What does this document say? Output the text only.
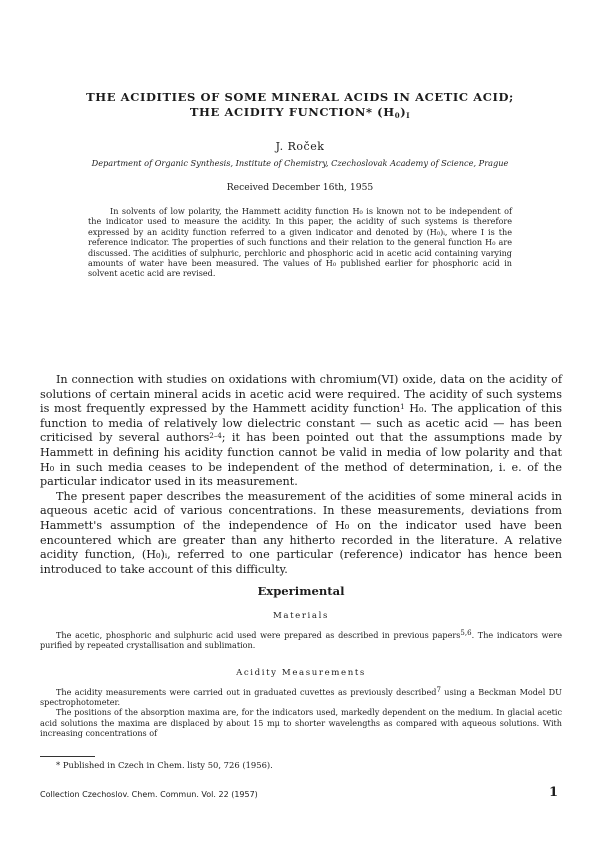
THE ACIDITIES OF SOME MINERAL ACIDS IN ACETIC ACID;
THE ACIDITY FUNCTION* $(H_0)_I$
J. Roček
Department of Organic Synthesis, Institute of Chemistry, Czechoslovak Academy of Science, Prague
Received December 16th, 1955
In solvents of low polarity, the Hammett acidity function H₀ is known not to be independent of the indicator used to measure the acidity. In this paper, the acidity of such systems is therefore expressed by an acidity function referred to a given indicator and denoted by (H₀)ᵢ, where I is the reference indicator. The properties of such functions and their relation to the general function H₀ are discussed. The acidities of sulphuric, perchloric and phosphoric acid in acetic acid containing varying amounts of water have been measured. The values of H₀ published earlier for phosphoric acid in solvent acetic acid are revised.

In connection with studies on oxidations with chromium(VI) oxide, data on the acidity of solutions of certain mineral acids in acetic acid were required. The acidity of such systems is most frequently expressed by the Hammett acidity function$^1$ H₀. The application of this function to media of relatively low dielectric constant — such as acetic acid — has been criticised by several authors$^{2-4}$; it has been pointed out that the assumptions made by Hammett in defining his acidity function cannot be valid in media of low polarity and that H₀ in such media ceases to be independent of the method of determination, i. e. of the particular indicator used in its measurement.

The present paper describes the measurement of the acidities of some mineral acids in aqueous acetic acid of various concentrations. In these measurements, deviations from Hammett's assumption of the independence of H₀ on the indicator used have been encountered which are greater than any hitherto recorded in the literature. A relative acidity function, (H₀)ᵢ, referred to one particular (reference) indicator has hence been introduced to take account of this difficulty.

Experimental
Materials

The acetic, phosphoric and sulphuric acid used were prepared as described in previous papers$^{5,6}$. The indicators were purified by repeated crystallisation and sublimation.

Acidity Measurements

The acidity measurements were carried out in graduated cuvettes as previously described$^7$ using a Beckman Model DU spectrophotometer.

The positions of the absorption maxima are, for the indicators used, markedly dependent on the medium. In glacial acetic acid solutions the maxima are displaced by about 15 mμ to shorter wavelengths as compared with aqueous solutions. With increasing concentrations of

* Published in Czech in Chem. listy 50, 726 (1956).
Collection Czechoslov. Chem. Commun. Vol. 22 (1957)	1
